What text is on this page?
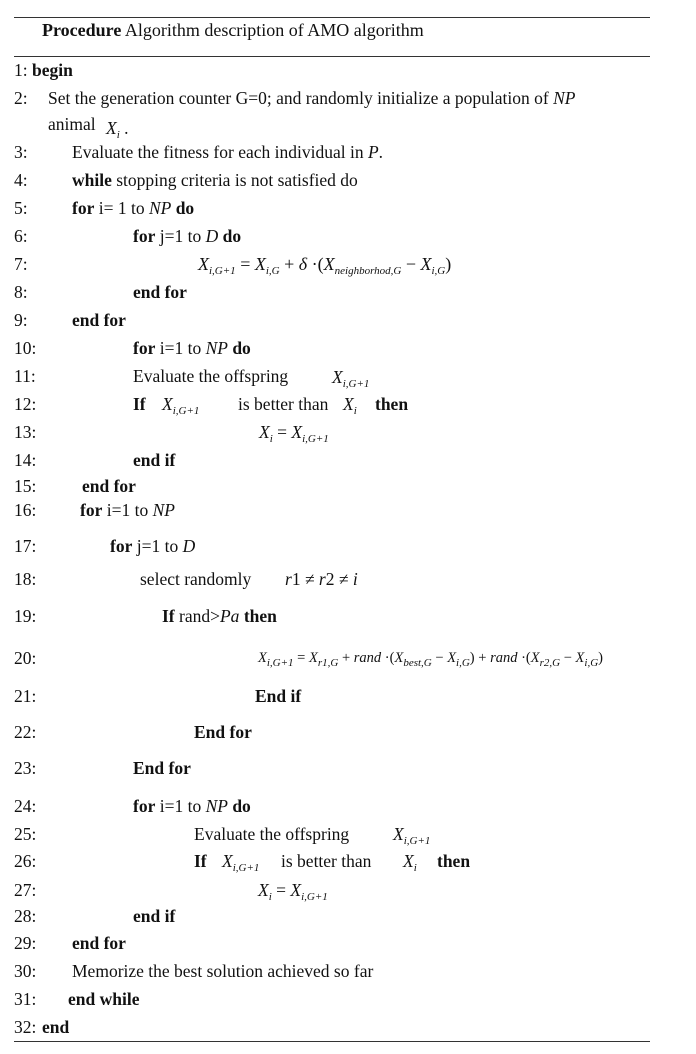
Procedure Algorithm description of AMO algorithm
1: begin
2: Set the generation counter G=0; and randomly initialize a population of NP
animal
3:	Evaluate the fitness for each individual in P.
4:	while stopping criteria is not satisfied do
5:	for i= 1 to NP do
6:	for j=1 to D do
7:
8:	end for
9:	end for
10:	for i=1 to NP do
11:	Evaluate the offspring
12:	If
13:
14:	end if
15:	end for
16: for i=1 to NP
17:	for j=1 to D
18:	select randomly
19:	If rand>Pa then
20:
21:	End if
22:	End for
23:	End for
24:	for i=1 to NP do
25:	Evaluate the offspring
26:	If
27:
28:	end if
29: end for
30: Memorize the best solution achieved so far
31: end while
32: end
$X_i$ .
$X_{i,G+1} = X_{i,G} + \delta \cdot(X_{neighborhod,G} - X_{i,G})$
$X_{i,G+1}$
$X_{i,G+1}$ is better than $X_i$ then
$X_i = X_{i,G+1}$
r1 ≠ r2 ≠ i
$X_{i,G+1} = X_{r1,G}$ + rand $\cdot(X_{best,G} - X_{i,G})$ + rand $\cdot(X_{r2,G} - X_{i,G})$
$X_{i,G+1}$
$X_{i,G+1}$ is better than $X_i$ then
$X_i = X_{i,G+1}$
